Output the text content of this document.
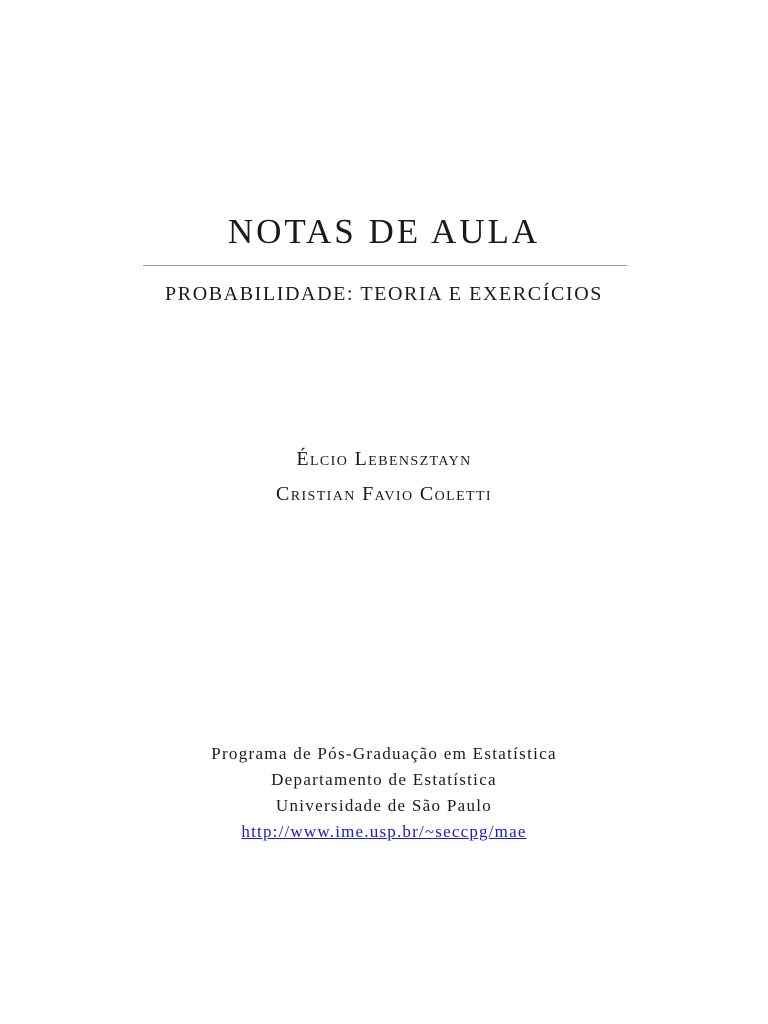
NOTAS DE AULA
PROBABILIDADE: TEORIA E EXERCÍCIOS
Élcio Lebensztayn
Cristian Favio Coletti
Programa de Pós-Graduação em Estatística
Departamento de Estatística
Universidade de São Paulo
http://www.ime.usp.br/~seccpg/mae
